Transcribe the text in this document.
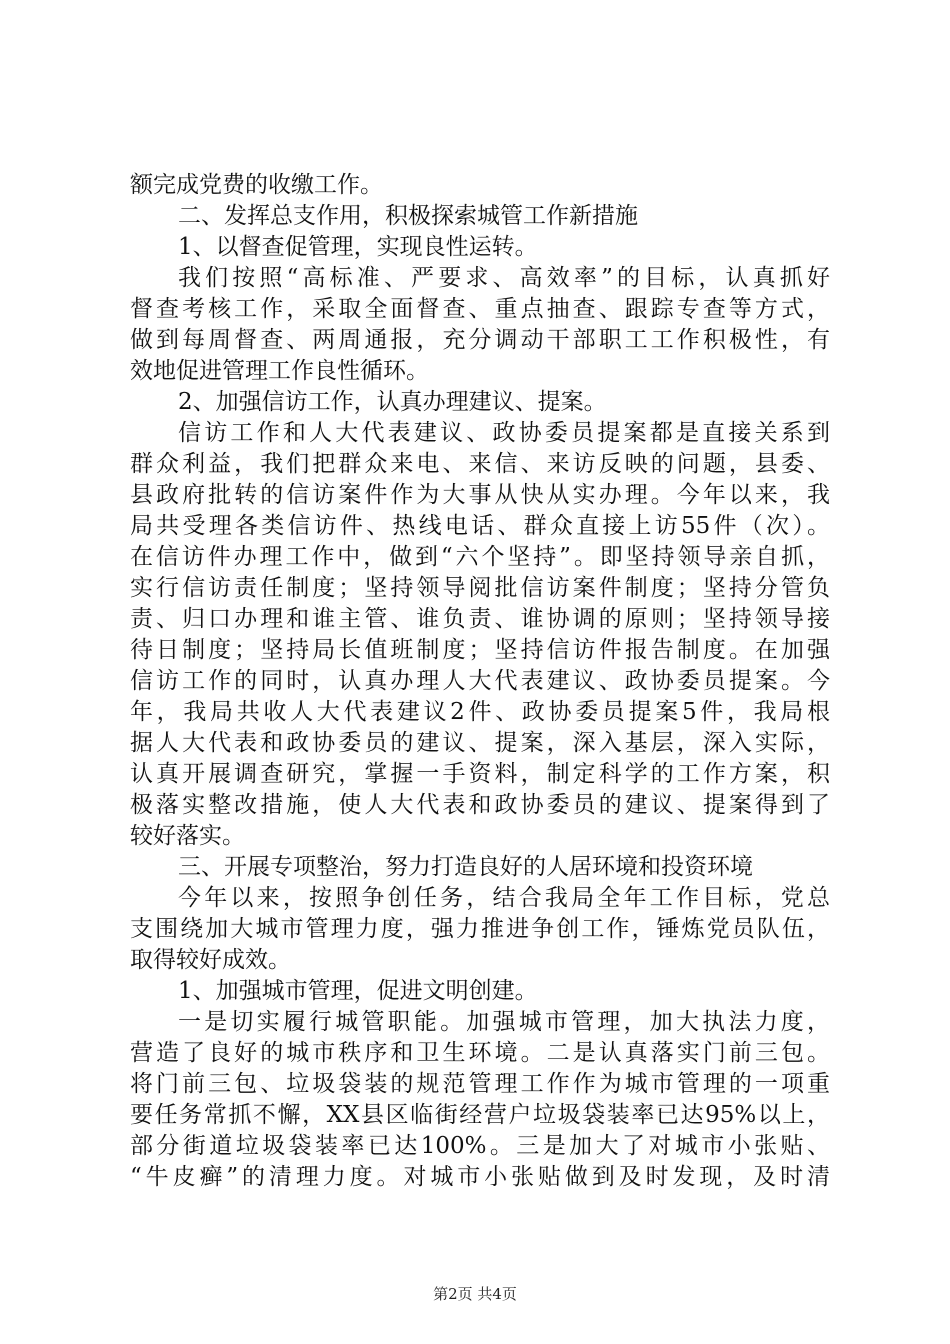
额完成党费的收缴工作。
二、发挥总支作用，积极探索城管工作新措施
1、以督查促管理，实现良性运转。
我们按照“高标准、严要求、高效率”的目标，认真抓好
督查考核工作，采取全面督查、重点抽查、跟踪专查等方式，
做到每周督查、两周通报，充分调动干部职工工作积极性，有
效地促进管理工作良性循环。
2、加强信访工作，认真办理建议、提案。
信访工作和人大代表建议、政协委员提案都是直接关系到
群众利益，我们把群众来电、来信、来访反映的问题，县委、
县政府批转的信访案件作为大事从快从实办理。今年以来，我
局共受理各类信访件、热线电话、群众直接上访55件（次）。
在信访件办理工作中，做到“六个坚持”。即坚持领导亲自抓，
实行信访责任制度；坚持领导阅批信访案件制度；坚持分管负
责、归口办理和谁主管、谁负责、谁协调的原则；坚持领导接
待日制度；坚持局长值班制度；坚持信访件报告制度。在加强
信访工作的同时，认真办理人大代表建议、政协委员提案。今
年，我局共收人大代表建议2件、政协委员提案5件，我局根
据人大代表和政协委员的建议、提案，深入基层，深入实际，
认真开展调查研究，掌握一手资料，制定科学的工作方案，积
极落实整改措施，使人大代表和政协委员的建议、提案得到了
较好落实。
三、开展专项整治，努力打造良好的人居环境和投资环境
今年以来，按照争创任务，结合我局全年工作目标，党总
支围绕加大城市管理力度，强力推进争创工作，锤炼党员队伍，
取得较好成效。
1、加强城市管理，促进文明创建。
一是切实履行城管职能。加强城市管理，加大执法力度，
营造了良好的城市秩序和卫生环境。二是认真落实门前三包。
将门前三包、垃圾袋装的规范管理工作作为城市管理的一项重
要任务常抓不懈，XX县区临街经营户垃圾袋装率已达95%以上，
部分街道垃圾袋装率已达100%。三是加大了对城市小张贴、
“牛皮癣”的清理力度。对城市小张贴做到及时发现，及时清
第2页 共4页
